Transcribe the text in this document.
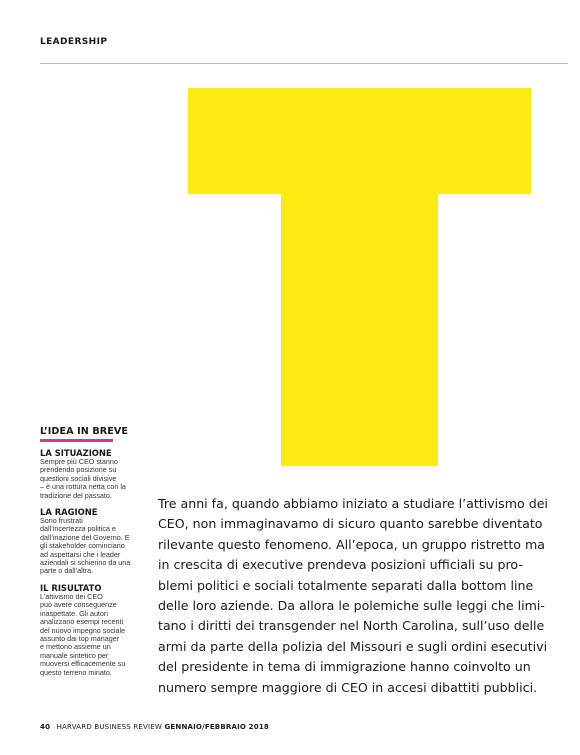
LEADERSHIP
L’IDEA IN BREVE
LA SITUAZIONE
Sempre più CEO stanno
prendendo posizione su
questioni sociali divisive
– è una rottura netta con la
tradizione del passato.
LA RAGIONE
Sono frustrati
dall’incertezza politica e
dall’inazione del Governo. E
gli stakeholder cominciano
ad aspettarsi che i leader
aziendali si schierino da una
parte o dall’altra.
IL RISULTATO
L’attivismo dei CEO
può avere conseguenze
inaspettate. Gli autori
analizzano esempi recenti
del nuovo impegno sociale
assunto dai top manager
e mettono assieme un
manuale sintetico per
muoversi efficacemente su
questo terreno minato.
Tre anni fa, quando abbiamo iniziato a studiare l’attivismo dei
CEO, non immaginavamo di sicuro quanto sarebbe diventato
rilevante questo fenomeno. All’epoca, un gruppo ristretto ma
in crescita di executive prendeva posizioni ufficiali su pro-
blemi politici e sociali totalmente separati dalla bottom line
delle loro aziende. Da allora le polemiche sulle leggi che limi-
tano i diritti dei transgender nel North Carolina, sull’uso delle
armi da parte della polizia del Missouri e sugli ordini esecutivi
del presidente in tema di immigrazione hanno coinvolto un
numero sempre maggiore di CEO in accesi dibattiti pubblici.
40 HARVARD BUSINESS REVIEW GENNAIO/FEBBRAIO 2018
